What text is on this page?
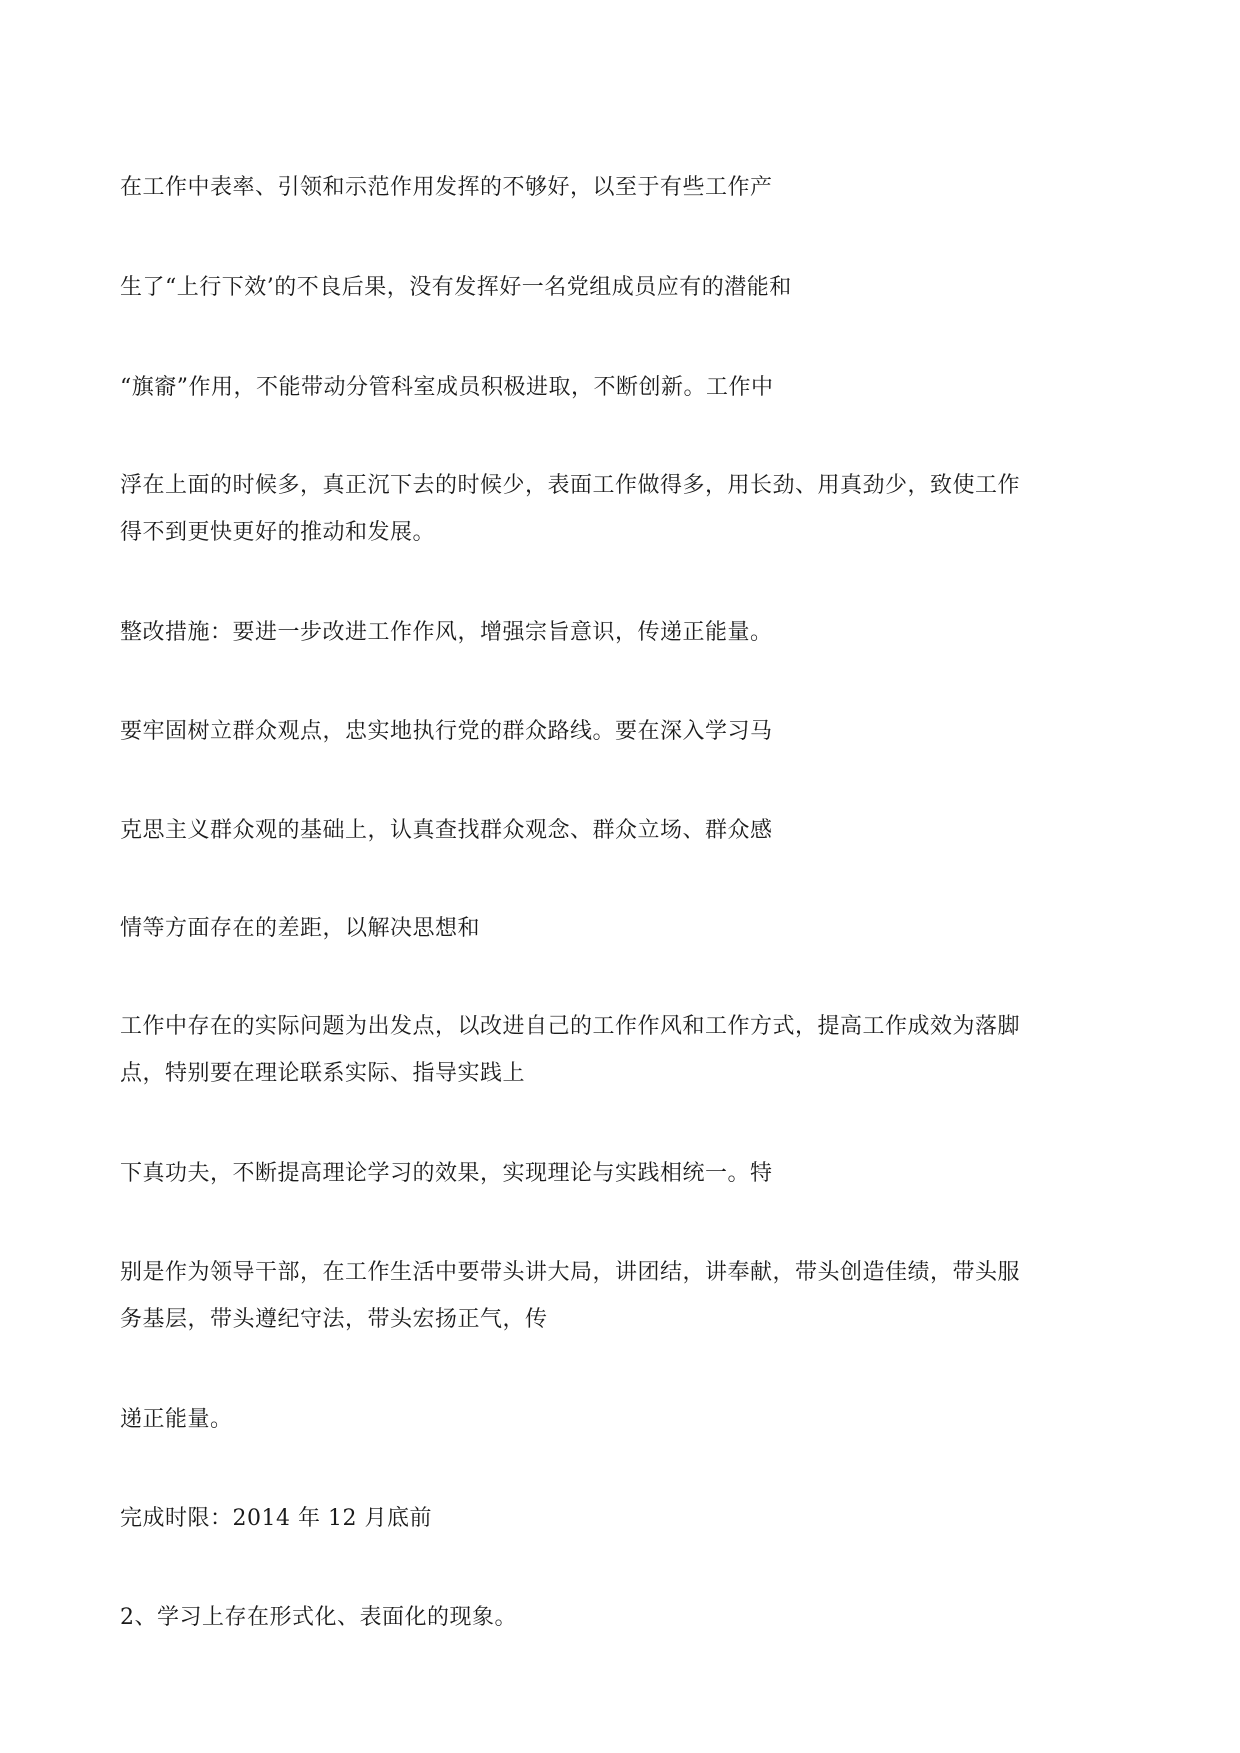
在工作中表率、引领和示范作用发挥的不够好，以至于有些工作产
生了“上行下效’的不良后果，没有发挥好一名党组成员应有的潜能和
“旗窬”作用，不能带动分管科室成员积极进取，不断创新。工作中
浮在上面的时候多，真正沉下去的时候少，表面工作做得多，用长劲、用真劲少，致使工作
得不到更快更好的推动和发展。
整改措施：要进一步改进工作作风，增强宗旨意识，传递正能量。
要牢固树立群众观点，忠实地执行党的群众路线。要在深入学习马
克思主义群众观的基础上，认真查找群众观念、群众立场、群众感
情等方面存在的差距，以解决思想和
工作中存在的实际问题为出发点，以改进自己的工作作风和工作方式，提高工作成效为落脚
点，特别要在理论联系实际、指导实践上
下真功夫，不断提高理论学习的效果，实现理论与实践相统一。特
别是作为领导干部，在工作生活中要带头讲大局，讲团结，讲奉献，带头创造佳绩，带头服
务基层，带头遵纪守法，带头宏扬正气，传
递正能量。
完成时限：2014 年 12 月底前
2、学习上存在形式化、表面化的现象。
